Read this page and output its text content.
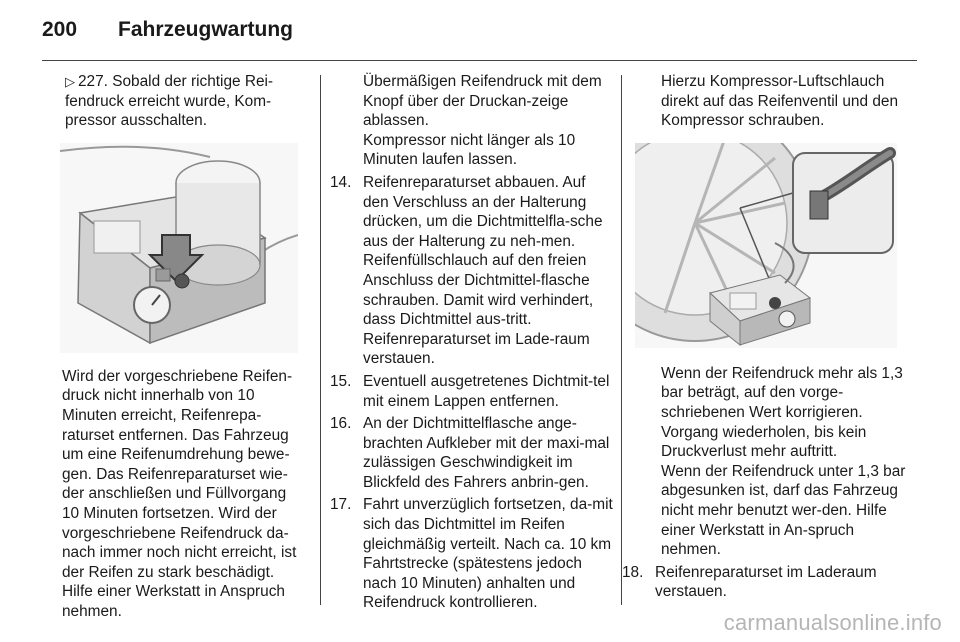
200	Fahrzeugwartung

▷ 227. Sobald der richtige Rei-fendruck erreicht wurde, Kom-pressor ausschalten.

Wird der vorgeschriebene Reifen-druck nicht innerhalb von 10 Minuten erreicht, Reifenrepa-raturset entfernen. Das Fahrzeug um eine Reifenumdrehung bewe-gen. Das Reifenreparaturset wie-der anschließen und Füllvorgang 10 Minuten fortsetzen. Wird der vorgeschriebene Reifendruck da-nach immer noch nicht erreicht, ist der Reifen zu stark beschädigt. Hilfe einer Werkstatt in Anspruch nehmen.

Übermäßigen Reifendruck mit dem Knopf über der Druckan-zeige ablassen.

Kompressor nicht länger als 10 Minuten laufen lassen.

14. Reifenreparaturset abbauen. Auf den Verschluss an der Halterung drücken, um die Dichtmittelfla-sche aus der Halterung zu neh-men. Reifenfüllschlauch auf den freien Anschluss der Dichtmittel-flasche schrauben. Damit wird verhindert, dass Dichtmittel aus-tritt. Reifenreparaturset im Lade-raum verstauen.
15. Eventuell ausgetretenes Dichtmit-tel mit einem Lappen entfernen.
16. An der Dichtmittelflasche ange-brachten Aufkleber mit der maxi-mal zulässigen Geschwindigkeit im Blickfeld des Fahrers anbrin-gen.
17. Fahrt unverzüglich fortsetzen, da-mit sich das Dichtmittel im Reifen gleichmäßig verteilt. Nach ca. 10 km Fahrtstrecke (spätestens jedoch nach 10 Minuten) anhalten und Reifendruck kontrollieren.

Hierzu Kompressor-Luftschlauch direkt auf das Reifenventil und den Kompressor schrauben.

Wenn der Reifendruck mehr als 1,3 bar beträgt, auf den vorge-schriebenen Wert korrigieren. Vorgang wiederholen, bis kein Druckverlust mehr auftritt.

Wenn der Reifendruck unter 1,3 bar abgesunken ist, darf das Fahrzeug nicht mehr benutzt wer-den. Hilfe einer Werkstatt in An-spruch nehmen.

18. Reifenreparaturset im Laderaum verstauen.
carmanualsonline.info
